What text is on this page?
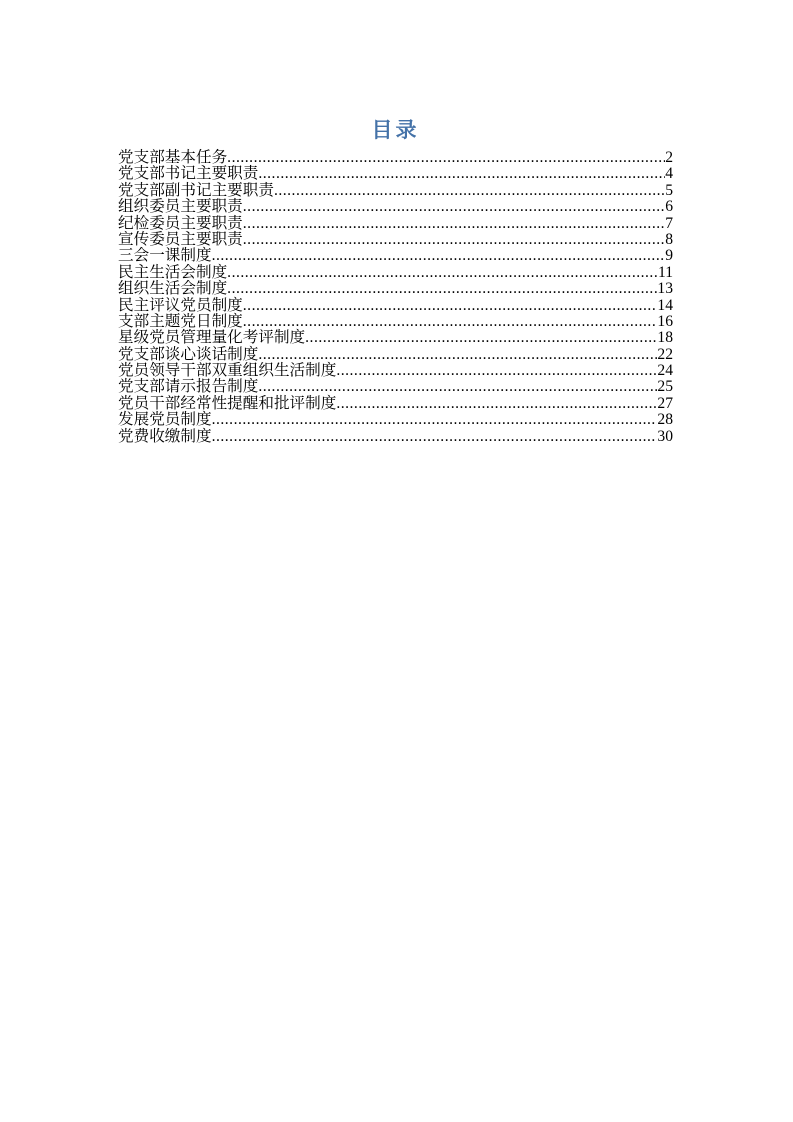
目录
党支部基本任务 .....	2
党支部书记主要职责 .....	4
党支部副书记主要职责 .....	5
组织委员主要职责 .....	6
纪检委员主要职责 .....	7
宣传委员主要职责 .....	8
三会一课制度 .....	9
民主生活会制度 .....	11
组织生活会制度 .....	13
民主评议党员制度 .....	14
支部主题党日制度 .....	16
星级党员管理量化考评制度 .....	18
党支部谈心谈话制度 .....	22
党员领导干部双重组织生活制度 .....	24
党支部请示报告制度 .....	25
党员干部经常性提醒和批评制度 .....	27
发展党员制度 .....	28
党费收缴制度 .....	30
